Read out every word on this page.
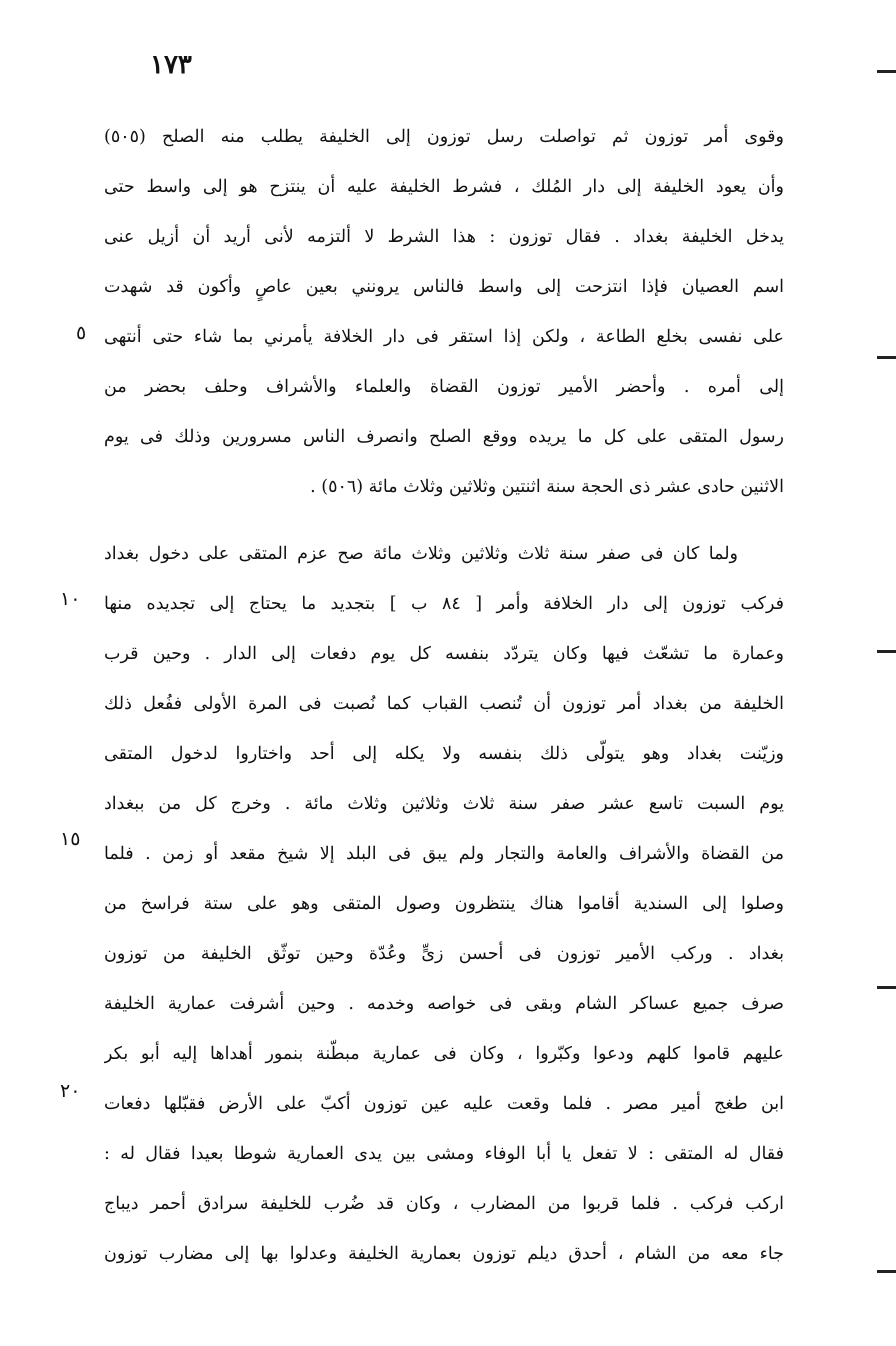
١٧٣
وقوى أمر توزون ثم تواصلت رسل توزون إلى الخليفة يطلب منه الصلح (٥٠٥)
وأن يعود الخليفة إلى دار المُلك ، فشرط الخليفة عليه أن ينتزح هو إلى واسط حتى
يدخل الخليفة بغداد . فقال توزون : هذا الشرط لا ألتزمه لأنى أريد أن أزيل عنى
اسم العصيان فإذا انتزحت إلى واسط فالناس يرونني بعين عاصٍ وأكون قد شهدت
على نفسى بخلع الطاعة ، ولكن إذا استقر فى دار الخلافة يأمرني بما شاء حتى أنتهى
إلى أمره . وأحضر الأمير توزون القضاة والعلماء والأشراف وحلف بحضر من
رسول المتقى على كل ما يريده ووقع الصلح وانصرف الناس مسرورين وذلك فى يوم
الاثنين حادى عشر ذى الحجة سنة اثنتين وثلاثين وثلاث مائة (٥٠٦) .
ولما كان فى صفر سنة ثلاث وثلاثين وثلاث مائة صح عزم المتقى على دخول بغداد
فركب توزون إلى دار الخلافة وأمر [ ٨٤ ب ] بتجديد ما يحتاج إلى تجديده منها
وعمارة ما تشعّث فيها وكان يتردّد بنفسه كل يوم دفعات إلى الدار . وحين قرب
الخليفة من بغداد أمر توزون أن تُنصب القباب كما نُصبت فى المرة الأولى ففُعل ذلك
وزيّنت بغداد وهو يتولّى ذلك بنفسه ولا يكله إلى أحد واختاروا لدخول المتقى
يوم السبت تاسع عشر صفر سنة ثلاث وثلاثين وثلاث مائة . وخرج كل من ببغداد
من القضاة والأشراف والعامة والتجار ولم يبق فى البلد إلا شيخ مقعد أو زمن . فلما
وصلوا إلى السندية أقاموا هناك ينتظرون وصول المتقى وهو على ستة فراسخ من
بغداد . وركب الأمير توزون فى أحسن زىٍّ وعُدّة وحين توثّق الخليفة من توزون
صرف جميع عساكر الشام وبقى فى خواصه وخدمه . وحين أشرفت عمارية الخليفة
عليهم قاموا كلهم ودعوا وكبّروا ، وكان فى عمارية مبطّنة بنمور أهداها إليه أبو بكر
ابن طغج أمير مصر . فلما وقعت عليه عين توزون أكبّ على الأرض فقبّلها دفعات
فقال له المتقى : لا تفعل يا أبا الوفاء ومشى بين يدى العمارية شوطا بعيدا فقال له :
اركب فركب . فلما قربوا من المضارب ، وكان قد ضُرب للخليفة سرادق أحمر ديباج
جاء معه من الشام ، أحدق ديلم توزون بعمارية الخليفة وعدلوا بها إلى مضارب توزون
٥
١٠
١٥
٢٠
